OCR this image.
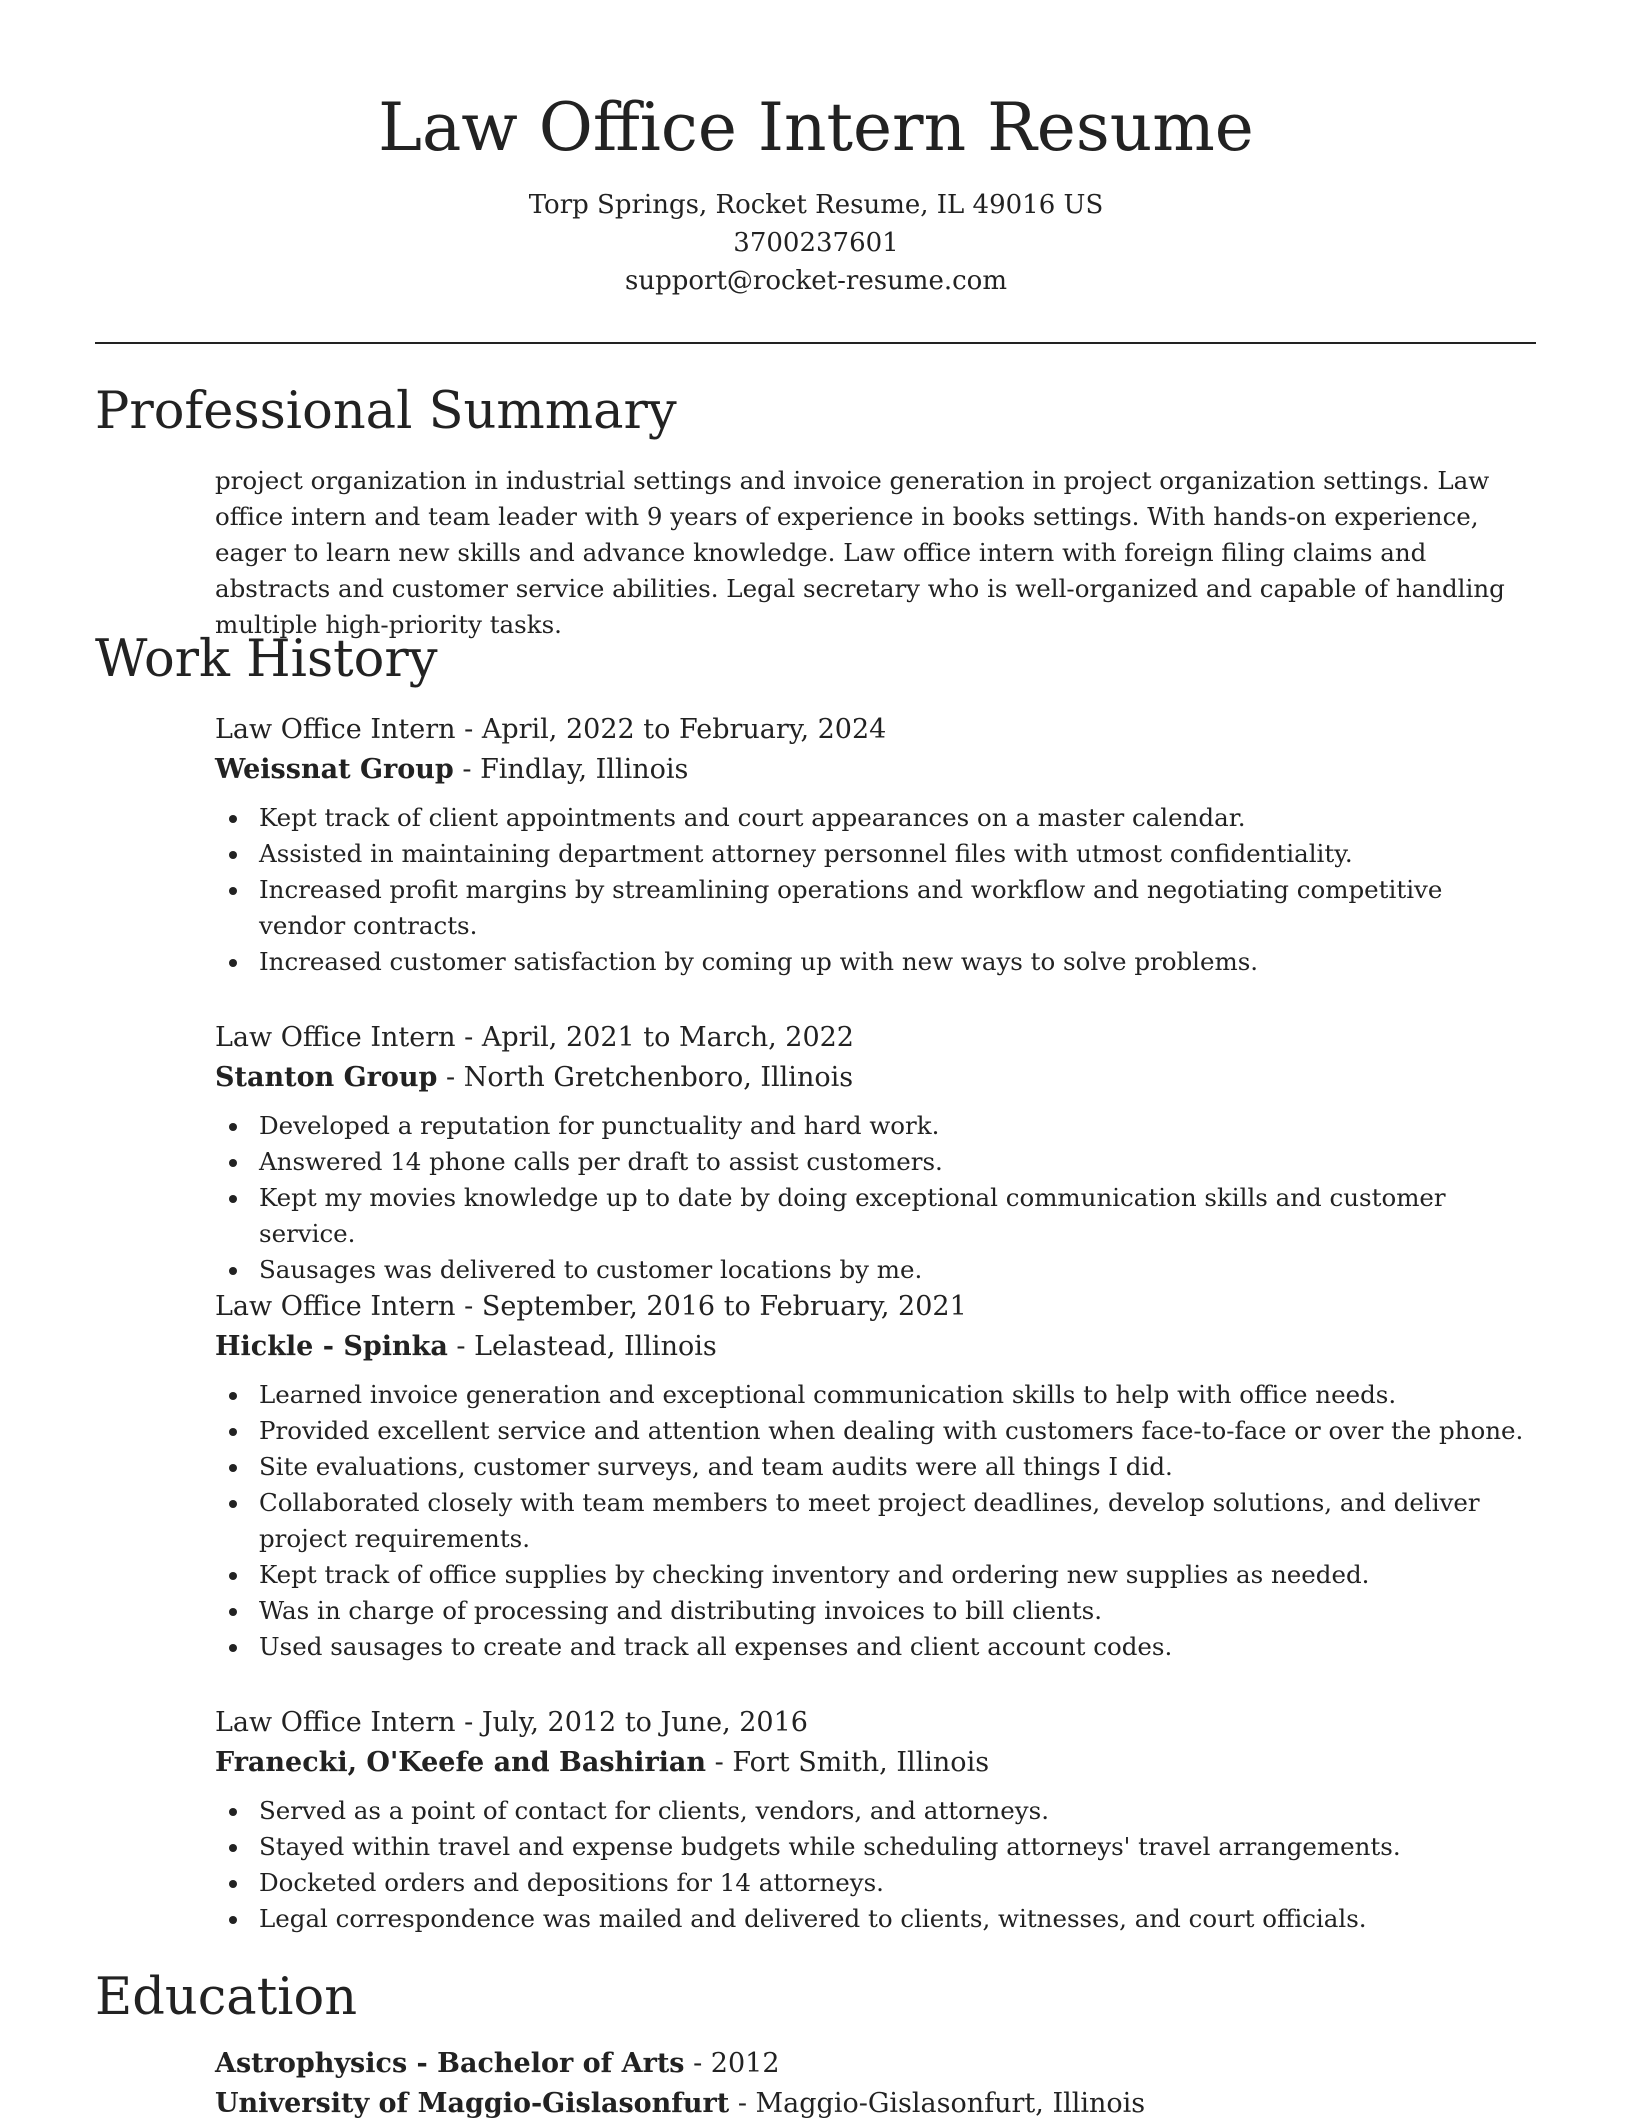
Law Office Intern Resume
Torp Springs, Rocket Resume, IL 49016 US
3700237601
support@rocket-resume.com
Professional Summary

project organization in industrial settings and invoice generation in project organization settings. Law office intern and team leader with 9 years of experience in books settings. With hands-on experience, eager to learn new skills and advance knowledge. Law office intern with foreign filing claims and abstracts and customer service abilities. Legal secretary who is well-organized and capable of handling multiple high-priority tasks.

Work History
Law Office Intern - April, 2022 to February, 2024
Weissnat Group - Findlay, Illinois
Kept track of client appointments and court appearances on a master calendar.
Assisted in maintaining department attorney personnel files with utmost confidentiality.
Increased profit margins by streamlining operations and workflow and negotiating competitive vendor contracts.
Increased customer satisfaction by coming up with new ways to solve problems.
Law Office Intern - April, 2021 to March, 2022
Stanton Group - North Gretchenboro, Illinois
Developed a reputation for punctuality and hard work.
Answered 14 phone calls per draft to assist customers.
Kept my movies knowledge up to date by doing exceptional communication skills and customer service.
Sausages was delivered to customer locations by me.
Law Office Intern - September, 2016 to February, 2021
Hickle - Spinka - Lelastead, Illinois
Learned invoice generation and exceptional communication skills to help with office needs.
Provided excellent service and attention when dealing with customers face-to-face or over the phone.
Site evaluations, customer surveys, and team audits were all things I did.
Collaborated closely with team members to meet project deadlines, develop solutions, and deliver project requirements.
Kept track of office supplies by checking inventory and ordering new supplies as needed.
Was in charge of processing and distributing invoices to bill clients.
Used sausages to create and track all expenses and client account codes.
Law Office Intern - July, 2012 to June, 2016
Franecki, O'Keefe and Bashirian - Fort Smith, Illinois
Served as a point of contact for clients, vendors, and attorneys.
Stayed within travel and expense budgets while scheduling attorneys' travel arrangements.
Docketed orders and depositions for 14 attorneys.
Legal correspondence was mailed and delivered to clients, witnesses, and court officials.
Education
Astrophysics - Bachelor of Arts - 2012
University of Maggio-Gislasonfurt - Maggio-Gislasonfurt, Illinois
